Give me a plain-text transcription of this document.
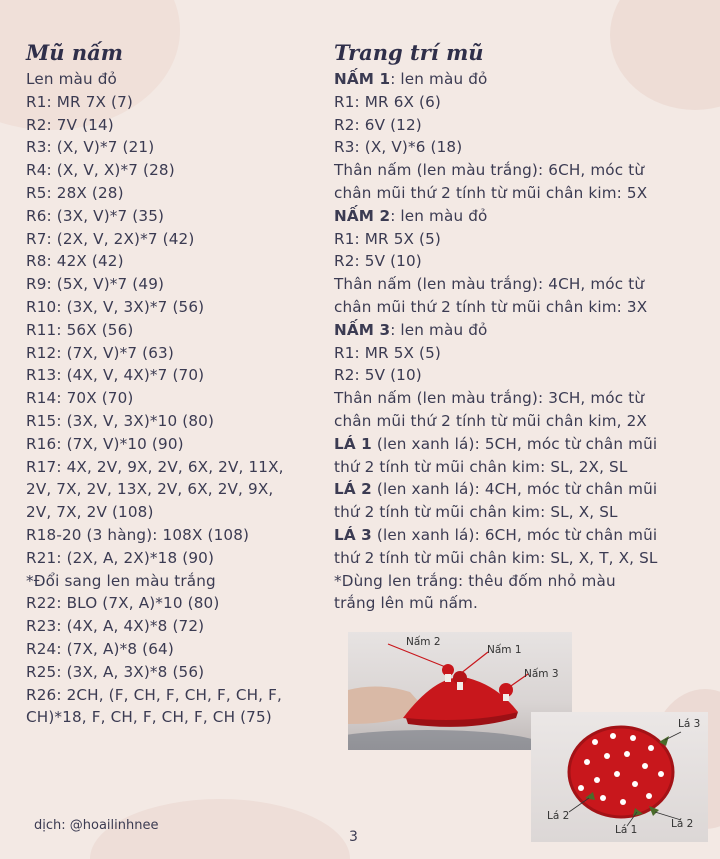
Mũ nấm
Len màu đỏ
R1: MR 7X (7)
R2: 7V (14)
R3: (X, V)*7 (21)
R4: (X, V, X)*7 (28)
R5: 28X (28)
R6: (3X, V)*7 (35)
R7: (2X, V, 2X)*7 (42)
R8: 42X (42)
R9: (5X, V)*7 (49)
R10: (3X, V, 3X)*7 (56)
R11: 56X (56)
R12: (7X, V)*7 (63)
R13: (4X, V, 4X)*7 (70)
R14: 70X (70)
R15: (3X, V, 3X)*10 (80)
R16: (7X, V)*10 (90)
R17: 4X, 2V, 9X, 2V, 6X, 2V, 11X,
2V, 7X, 2V, 13X, 2V, 6X, 2V, 9X,
2V, 7X, 2V (108)
R18-20 (3 hàng): 108X (108)
R21: (2X, A, 2X)*18 (90)
*Đổi sang len màu trắng
R22: BLO (7X, A)*10 (80)
R23: (4X, A, 4X)*8 (72)
R24: (7X, A)*8 (64)
R25: (3X, A, 3X)*8 (56)
R26: 2CH, (F, CH, F, CH, F, CH, F,
CH)*18, F, CH, F, CH, F, CH (75)
Trang trí mũ
NẤM 1: len màu đỏ
R1: MR 6X (6)
R2: 6V (12)
R3: (X, V)*6 (18)
Thân nấm (len màu trắng): 6CH, móc từ
chân mũi thứ 2 tính từ mũi chân kim: 5X
NẤM 2: len màu đỏ
R1: MR 5X (5)
R2: 5V (10)
Thân nấm (len màu trắng): 4CH, móc từ
chân mũi thứ 2 tính từ mũi chân kim: 3X
NẤM 3: len màu đỏ
R1: MR 5X (5)
R2: 5V (10)
Thân nấm (len màu trắng): 3CH, móc từ
chân mũi thứ 2 tính từ mũi chân kim, 2X
LÁ 1 (len xanh lá): 5CH, móc từ chân mũi
thứ 2 tính từ mũi chân kim: SL, 2X, SL
LÁ 2 (len xanh lá): 4CH, móc từ chân mũi
thứ 2 tính từ mũi chân kim: SL, X, SL
LÁ 3 (len xanh lá): 6CH, móc từ chân mũi
thứ 2 tính từ mũi chân kim: SL, X, T, X, SL
*Dùng len trắng: thêu đốm nhỏ màu
trắng lên mũ nấm.
Nấm 2
Nấm 1
Nấm 3
Lá 3
Lá 2
Lá 1	Lá 2
dịch: @hoailinhnee
3
